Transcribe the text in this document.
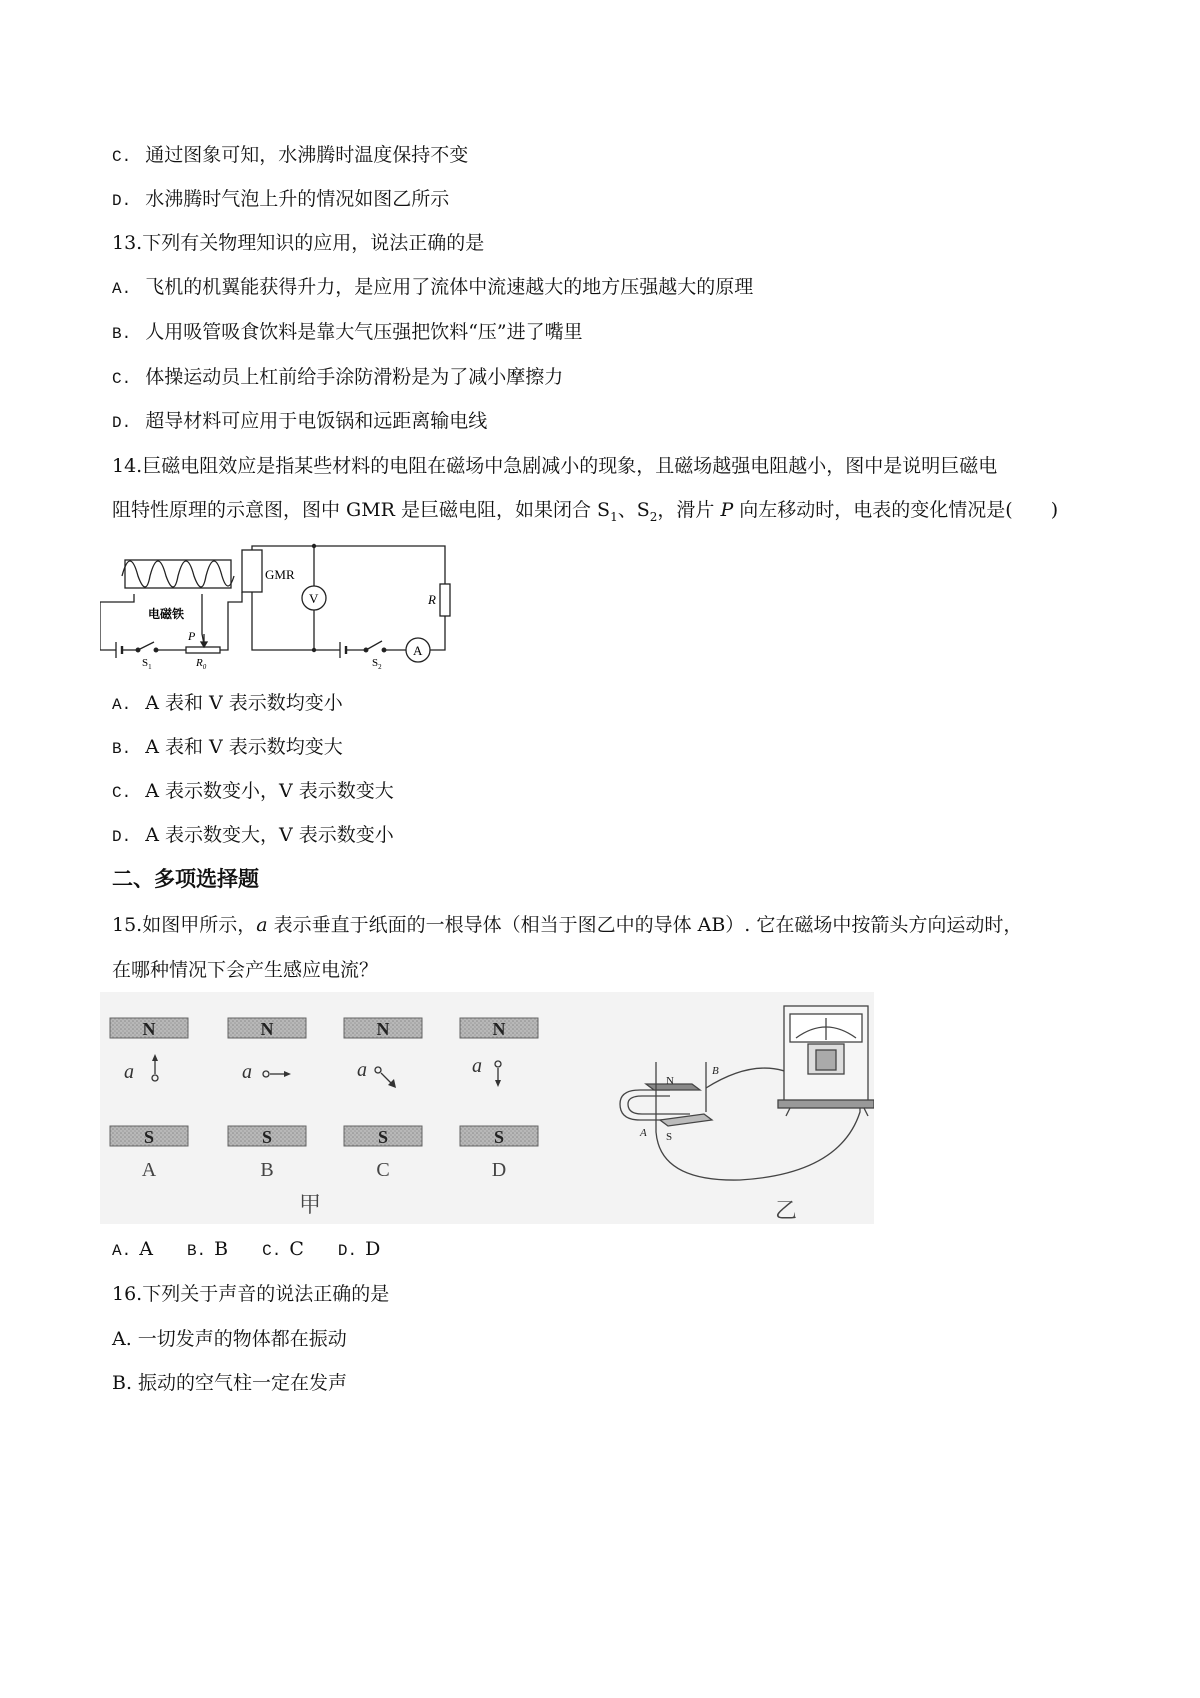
C. 通过图象可知，水沸腾时温度保持不变
D. 水沸腾时气泡上升的情况如图乙所示
13.下列有关物理知识的应用，说法正确的是
A. 飞机的机翼能获得升力，是应用了流体中流速越大的地方压强越大的原理
B. 人用吸管吸食饮料是靠大气压强把饮料“压”进了嘴里
C. 体操运动员上杠前给手涂防滑粉是为了减小摩擦力
D. 超导材料可应用于电饭锅和远距离输电线
14.巨磁电阻效应是指某些材料的电阻在磁场中急剧减小的现象，且磁场越强电阻越小，图中是说明巨磁电
阻特性原理的示意图，图中 GMR 是巨磁电阻，如果闭合 $S_1$、$S_2$，滑片 P 向左移动时，电表的变化情况是(　　)
GMR
V
A
R
电磁铁
P
$S_1$	$R_0$	$S_2$
A. A 表和 V 表示数均变小
B. A 表和 V 表示数均变大
C. A 表示数变小，V 表示数变大
D. A 表示数变大，V 表示数变小
二、多项选择题
15.如图甲所示，a 表示垂直于纸面的一根导体（相当于图乙中的导体 AB）. 它在磁场中按箭头方向运动时，
在哪种情况下会产生感应电流？
N	N	N	N
S	S	S	S
a	a	a	a
A	B	C	D
甲	乙
N
S
A
B
A. A B. B C. C D. D
16.下列关于声音的说法正确的是
A. 一切发声的物体都在振动
B. 振动的空气柱一定在发声
